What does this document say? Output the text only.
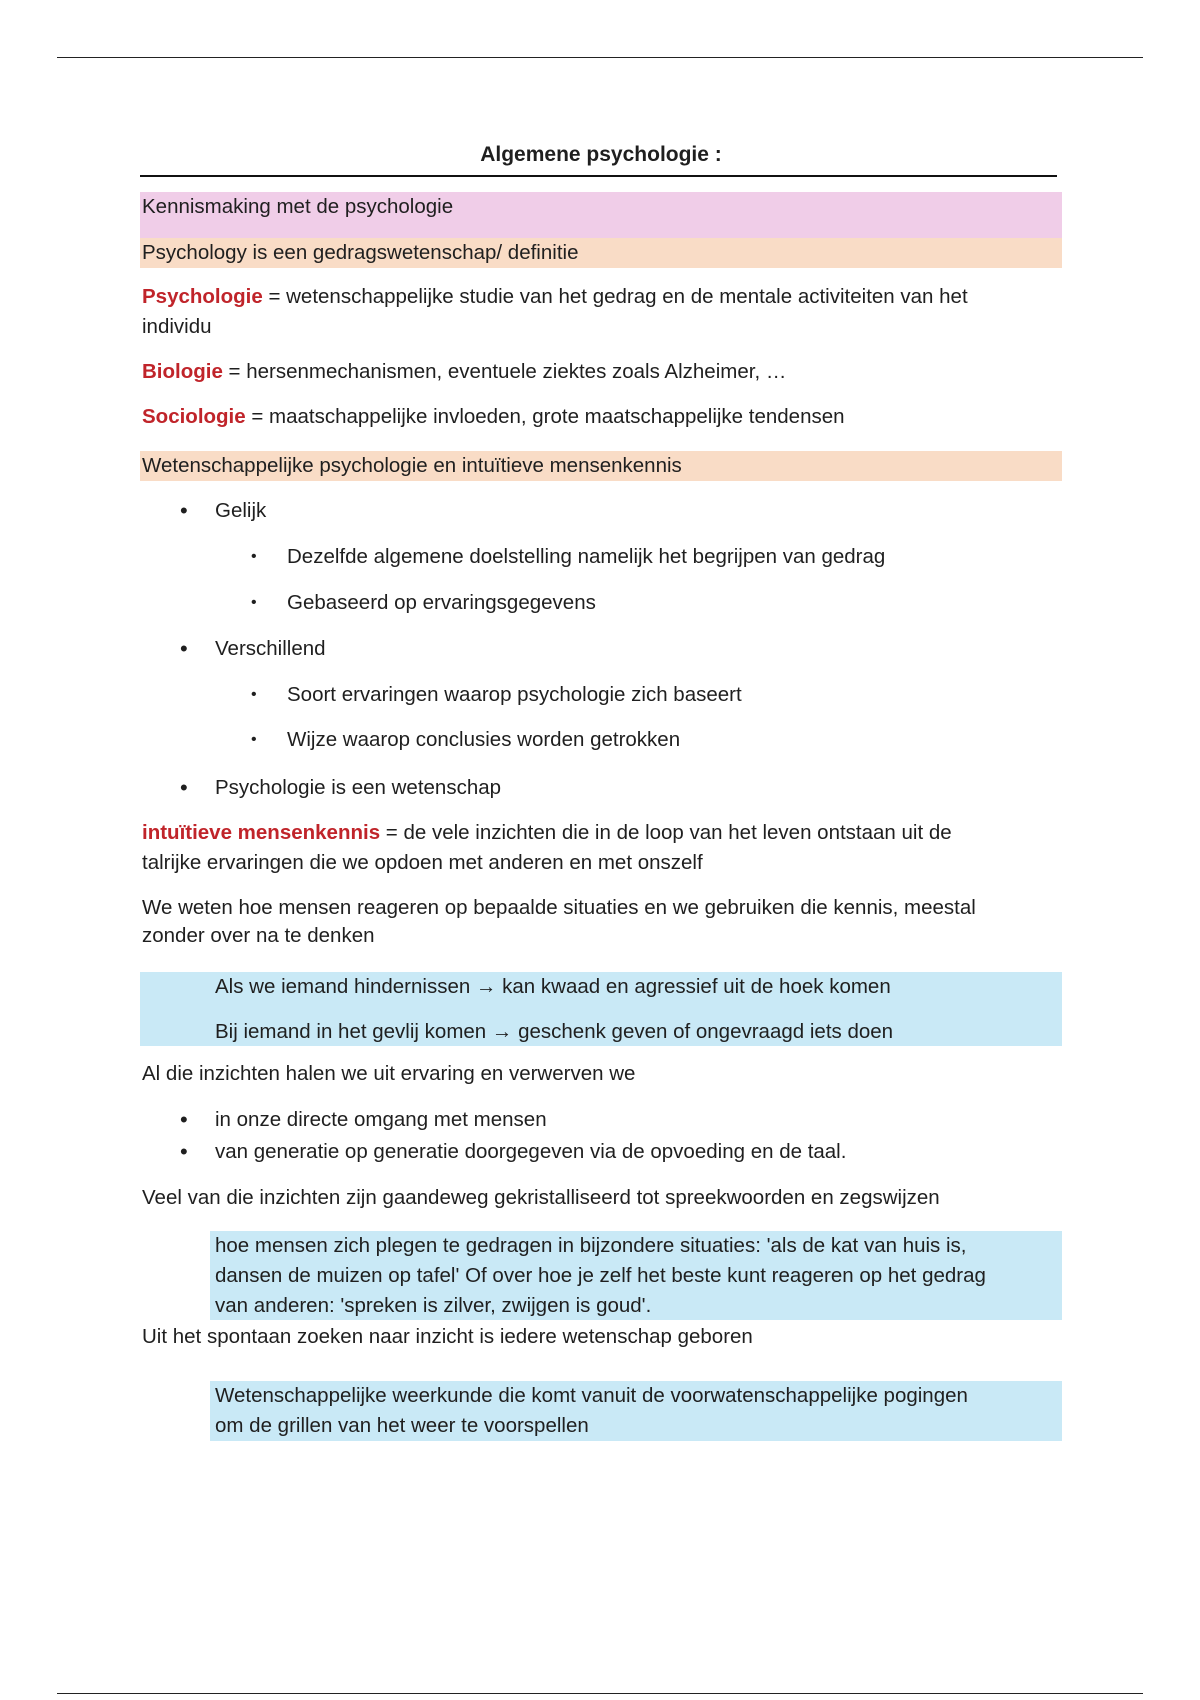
Algemene psychologie :
Kennismaking met de psychologie
Psychology is een gedragswetenschap/ definitie
Psychologie = wetenschappelijke studie van het gedrag en de mentale activiteiten van het
individu
Biologie = hersenmechanismen, eventuele ziektes zoals Alzheimer, …
Sociologie = maatschappelijke invloeden, grote maatschappelijke tendensen
Wetenschappelijke psychologie en intuïtieve mensenkennis
• Gelijk
• Dezelfde algemene doelstelling namelijk het begrijpen van gedrag
• Gebaseerd op ervaringsgegevens
• Verschillend
• Soort ervaringen waarop psychologie zich baseert
• Wijze waarop conclusies worden getrokken
• Psychologie is een wetenschap
intuïtieve mensenkennis = de vele inzichten die in de loop van het leven ontstaan uit de
talrijke ervaringen die we opdoen met anderen en met onszelf
We weten hoe mensen reageren op bepaalde situaties en we gebruiken die kennis, meestal
zonder over na te denken
Als we iemand hindernissen → kan kwaad en agressief uit de hoek komen
Bij iemand in het gevlij komen → geschenk geven of ongevraagd iets doen
Al die inzichten halen we uit ervaring en verwerven we
• in onze directe omgang met mensen
• van generatie op generatie doorgegeven via de opvoeding en de taal.
Veel van die inzichten zijn gaandeweg gekristalliseerd tot spreekwoorden en zegswijzen
hoe mensen zich plegen te gedragen in bijzondere situaties: 'als de kat van huis is,
dansen de muizen op tafel' Of over hoe je zelf het beste kunt reageren op het gedrag
van anderen: 'spreken is zilver, zwijgen is goud'.
Uit het spontaan zoeken naar inzicht is iedere wetenschap geboren
Wetenschappelijke weerkunde die komt vanuit de voorwatenschappelijke pogingen
om de grillen van het weer te voorspellen
